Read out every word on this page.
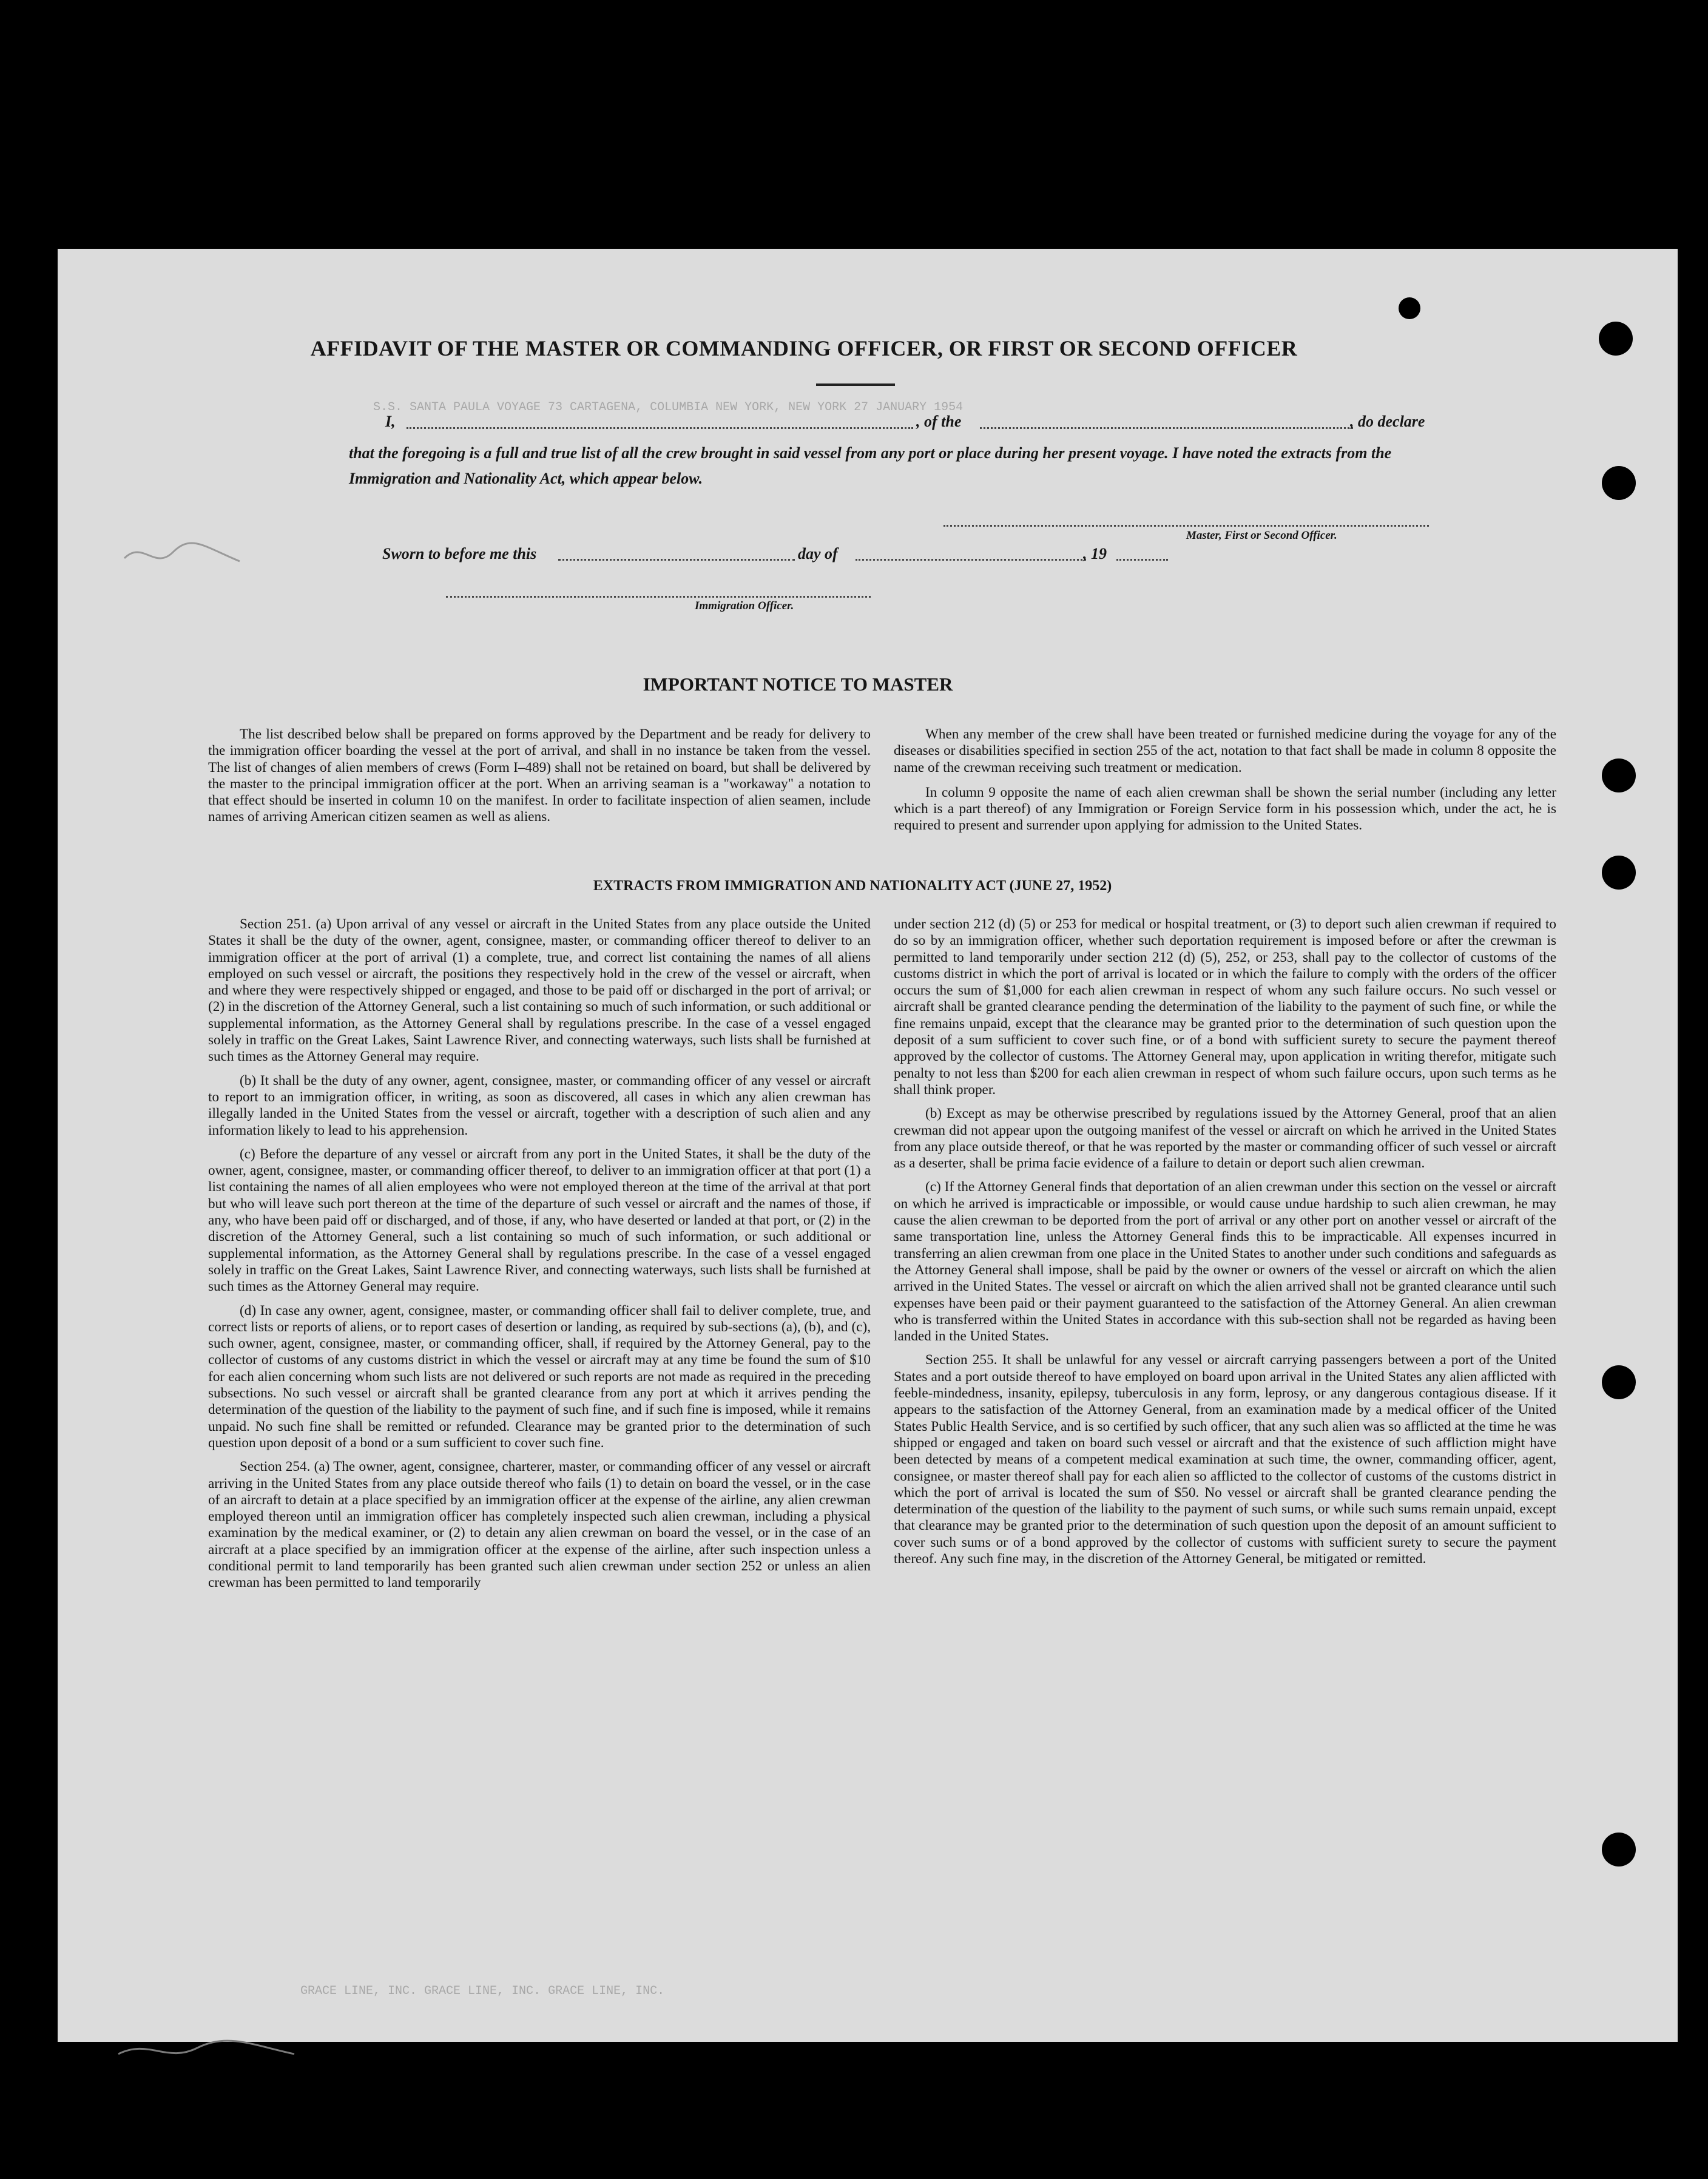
S.S. SANTA PAULA VOYAGE 73 CARTAGENA, COLUMBIA NEW YORK, NEW YORK 27 JANUARY 1954
GRACE LINE, INC. GRACE LINE, INC. GRACE LINE, INC.
AFFIDAVIT OF THE MASTER OR COMMANDING OFFICER, OR FIRST OR SECOND OFFICER
I,	, of the	, do declare
that the foregoing is a full and true list of all the crew brought in said vessel from any port or place during her present voyage. I have noted the extracts from the Immigration and Nationality Act, which appear below.
Master, First or Second Officer.
Sworn to before me this	day of	, 19
Immigration Officer.
IMPORTANT NOTICE TO MASTER

The list described below shall be prepared on forms approved by the Department and be ready for delivery to the immigration officer boarding the vessel at the port of arrival, and shall in no instance be taken from the vessel. The list of changes of alien members of crews (Form I–489) shall not be retained on board, but shall be delivered by the master to the principal immigration officer at the port. When an arriving seaman is a "workaway" a notation to that effect should be inserted in column 10 on the manifest. In order to facilitate inspection of alien seamen, include names of arriving American citizen seamen as well as aliens.

When any member of the crew shall have been treated or furnished medicine during the voyage for any of the diseases or disabilities specified in section 255 of the act, notation to that fact shall be made in column 8 opposite the name of the crewman receiving such treatment or medication.

In column 9 opposite the name of each alien crewman shall be shown the serial number (including any letter which is a part thereof) of any Immigration or Foreign Service form in his possession which, under the act, he is required to present and surrender upon applying for admission to the United States.

EXTRACTS FROM IMMIGRATION AND NATIONALITY ACT (JUNE 27, 1952)

Section 251. (a) Upon arrival of any vessel or aircraft in the United States from any place outside the United States it shall be the duty of the owner, agent, consignee, master, or commanding officer thereof to deliver to an immigration officer at the port of arrival (1) a complete, true, and correct list containing the names of all aliens employed on such vessel or aircraft, the positions they respectively hold in the crew of the vessel or aircraft, when and where they were respectively shipped or engaged, and those to be paid off or discharged in the port of arrival; or (2) in the discretion of the Attorney General, such a list containing so much of such information, or such additional or supplemental information, as the Attorney General shall by regulations prescribe. In the case of a vessel engaged solely in traffic on the Great Lakes, Saint Lawrence River, and connecting waterways, such lists shall be furnished at such times as the Attorney General may require.

(b) It shall be the duty of any owner, agent, consignee, master, or commanding officer of any vessel or aircraft to report to an immigration officer, in writing, as soon as discovered, all cases in which any alien crewman has illegally landed in the United States from the vessel or aircraft, together with a description of such alien and any information likely to lead to his apprehension.

(c) Before the departure of any vessel or aircraft from any port in the United States, it shall be the duty of the owner, agent, consignee, master, or commanding officer thereof, to deliver to an immigration officer at that port (1) a list containing the names of all alien employees who were not employed thereon at the time of the arrival at that port but who will leave such port thereon at the time of the departure of such vessel or aircraft and the names of those, if any, who have been paid off or discharged, and of those, if any, who have deserted or landed at that port, or (2) in the discretion of the Attorney General, such a list containing so much of such information, or such additional or supplemental information, as the Attorney General shall by regulations prescribe. In the case of a vessel engaged solely in traffic on the Great Lakes, Saint Lawrence River, and connecting waterways, such lists shall be furnished at such times as the Attorney General may require.

(d) In case any owner, agent, consignee, master, or commanding officer shall fail to deliver complete, true, and correct lists or reports of aliens, or to report cases of desertion or landing, as required by sub-sections (a), (b), and (c), such owner, agent, consignee, master, or commanding officer, shall, if required by the Attorney General, pay to the collector of customs of any customs district in which the vessel or aircraft may at any time be found the sum of $10 for each alien concerning whom such lists are not delivered or such reports are not made as required in the preceding subsections. No such vessel or aircraft shall be granted clearance from any port at which it arrives pending the determination of the question of the liability to the payment of such fine, and if such fine is imposed, while it remains unpaid. No such fine shall be remitted or refunded. Clearance may be granted prior to the determination of such question upon deposit of a bond or a sum sufficient to cover such fine.

Section 254. (a) The owner, agent, consignee, charterer, master, or commanding officer of any vessel or aircraft arriving in the United States from any place outside thereof who fails (1) to detain on board the vessel, or in the case of an aircraft to detain at a place specified by an immigration officer at the expense of the airline, any alien crewman employed thereon until an immigration officer has completely inspected such alien crewman, including a physical examination by the medical examiner, or (2) to detain any alien crewman on board the vessel, or in the case of an aircraft at a place specified by an immigration officer at the expense of the airline, after such inspection unless a conditional permit to land temporarily has been granted such alien crewman under section 252 or unless an alien crewman has been permitted to land temporarily

under section 212 (d) (5) or 253 for medical or hospital treatment, or (3) to deport such alien crewman if required to do so by an immigration officer, whether such deportation requirement is imposed before or after the crewman is permitted to land temporarily under section 212 (d) (5), 252, or 253, shall pay to the collector of customs of the customs district in which the port of arrival is located or in which the failure to comply with the orders of the officer occurs the sum of $1,000 for each alien crewman in respect of whom any such failure occurs. No such vessel or aircraft shall be granted clearance pending the determination of the liability to the payment of such fine, or while the fine remains unpaid, except that the clearance may be granted prior to the determination of such question upon the deposit of a sum sufficient to cover such fine, or of a bond with sufficient surety to secure the payment thereof approved by the collector of customs. The Attorney General may, upon application in writing therefor, mitigate such penalty to not less than $200 for each alien crewman in respect of whom such failure occurs, upon such terms as he shall think proper.

(b) Except as may be otherwise prescribed by regulations issued by the Attorney General, proof that an alien crewman did not appear upon the outgoing manifest of the vessel or aircraft on which he arrived in the United States from any place outside thereof, or that he was reported by the master or commanding officer of such vessel or aircraft as a deserter, shall be prima facie evidence of a failure to detain or deport such alien crewman.

(c) If the Attorney General finds that deportation of an alien crewman under this section on the vessel or aircraft on which he arrived is impracticable or impossible, or would cause undue hardship to such alien crewman, he may cause the alien crewman to be deported from the port of arrival or any other port on another vessel or aircraft of the same transportation line, unless the Attorney General finds this to be impracticable. All expenses incurred in transferring an alien crewman from one place in the United States to another under such conditions and safeguards as the Attorney General shall impose, shall be paid by the owner or owners of the vessel or aircraft on which the alien arrived in the United States. The vessel or aircraft on which the alien arrived shall not be granted clearance until such expenses have been paid or their payment guaranteed to the satisfaction of the Attorney General. An alien crewman who is transferred within the United States in accordance with this sub-section shall not be regarded as having been landed in the United States.

Section 255. It shall be unlawful for any vessel or aircraft carrying passengers between a port of the United States and a port outside thereof to have employed on board upon arrival in the United States any alien afflicted with feeble-mindedness, insanity, epilepsy, tuberculosis in any form, leprosy, or any dangerous contagious disease. If it appears to the satisfaction of the Attorney General, from an examination made by a medical officer of the United States Public Health Service, and is so certified by such officer, that any such alien was so afflicted at the time he was shipped or engaged and taken on board such vessel or aircraft and that the existence of such affliction might have been detected by means of a competent medical examination at such time, the owner, commanding officer, agent, consignee, or master thereof shall pay for each alien so afflicted to the collector of customs of the customs district in which the port of arrival is located the sum of $50. No vessel or aircraft shall be granted clearance pending the determination of the question of the liability to the payment of such sums, or while such sums remain unpaid, except that clearance may be granted prior to the determination of such question upon the deposit of an amount sufficient to cover such sums or of a bond approved by the collector of customs with sufficient surety to secure the payment thereof. Any such fine may, in the discretion of the Attorney General, be mitigated or remitted.
